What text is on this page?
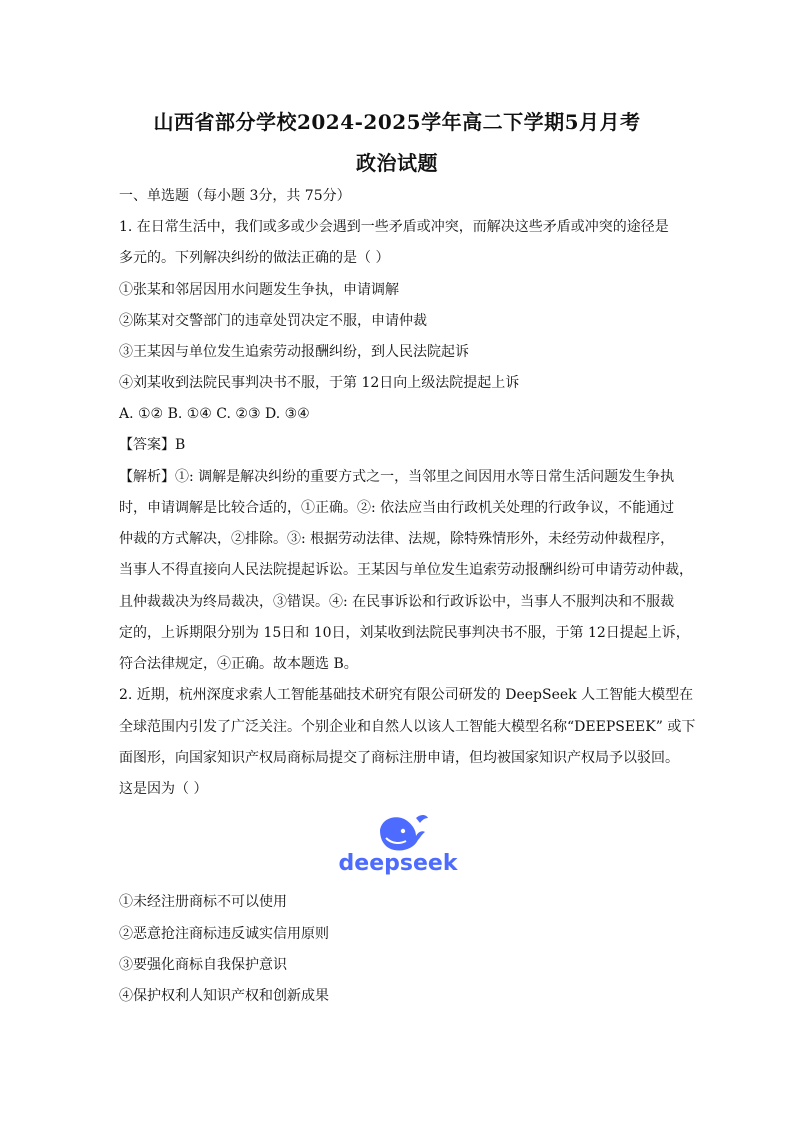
山西省部分学校2024-2025学年高二下学期5月月考
政治试题
一、单选题（每小题 3分，共 75分）
1. 在日常生活中，我们或多或少会遇到一些矛盾或冲突，而解决这些矛盾或冲突的途径是
多元的。下列解决纠纷的做法正确的是（ ）
①张某和邻居因用水问题发生争执，申请调解
②陈某对交警部门的违章处罚决定不服，申请仲裁
③王某因与单位发生追索劳动报酬纠纷，到人民法院起诉
④刘某收到法院民事判决书不服，于第 12日向上级法院提起上诉
A. ①② B. ①④ C. ②③ D. ③④
【答案】B
【解析】①: 调解是解决纠纷的重要方式之一，当邻里之间因用水等日常生活问题发生争执
时，申请调解是比较合适的，①正确。②: 依法应当由行政机关处理的行政争议，不能通过
仲裁的方式解决，②排除。③: 根据劳动法律、法规，除特殊情形外，未经劳动仲裁程序，
当事人不得直接向人民法院提起诉讼。王某因与单位发生追索劳动报酬纠纷可申请劳动仲裁，
且仲裁裁决为终局裁决，③错误。④: 在民事诉讼和行政诉讼中，当事人不服判决和不服裁
定的，上诉期限分别为 15日和 10日，刘某收到法院民事判决书不服，于第 12日提起上诉，
符合法律规定，④正确。故本题选 B。
2. 近期，杭州深度求索人工智能基础技术研究有限公司研发的 DeepSeek 人工智能大模型在
全球范围内引发了广泛关注。个别企业和自然人以该人工智能大模型名称“DEEPSEEK” 或下
面图形，向国家知识产权局商标局提交了商标注册申请，但均被国家知识产权局予以驳回。
这是因为（ ）
deepseek
①未经注册商标不可以使用
②恶意抢注商标违反诚实信用原则
③要强化商标自我保护意识
④保护权利人知识产权和创新成果
